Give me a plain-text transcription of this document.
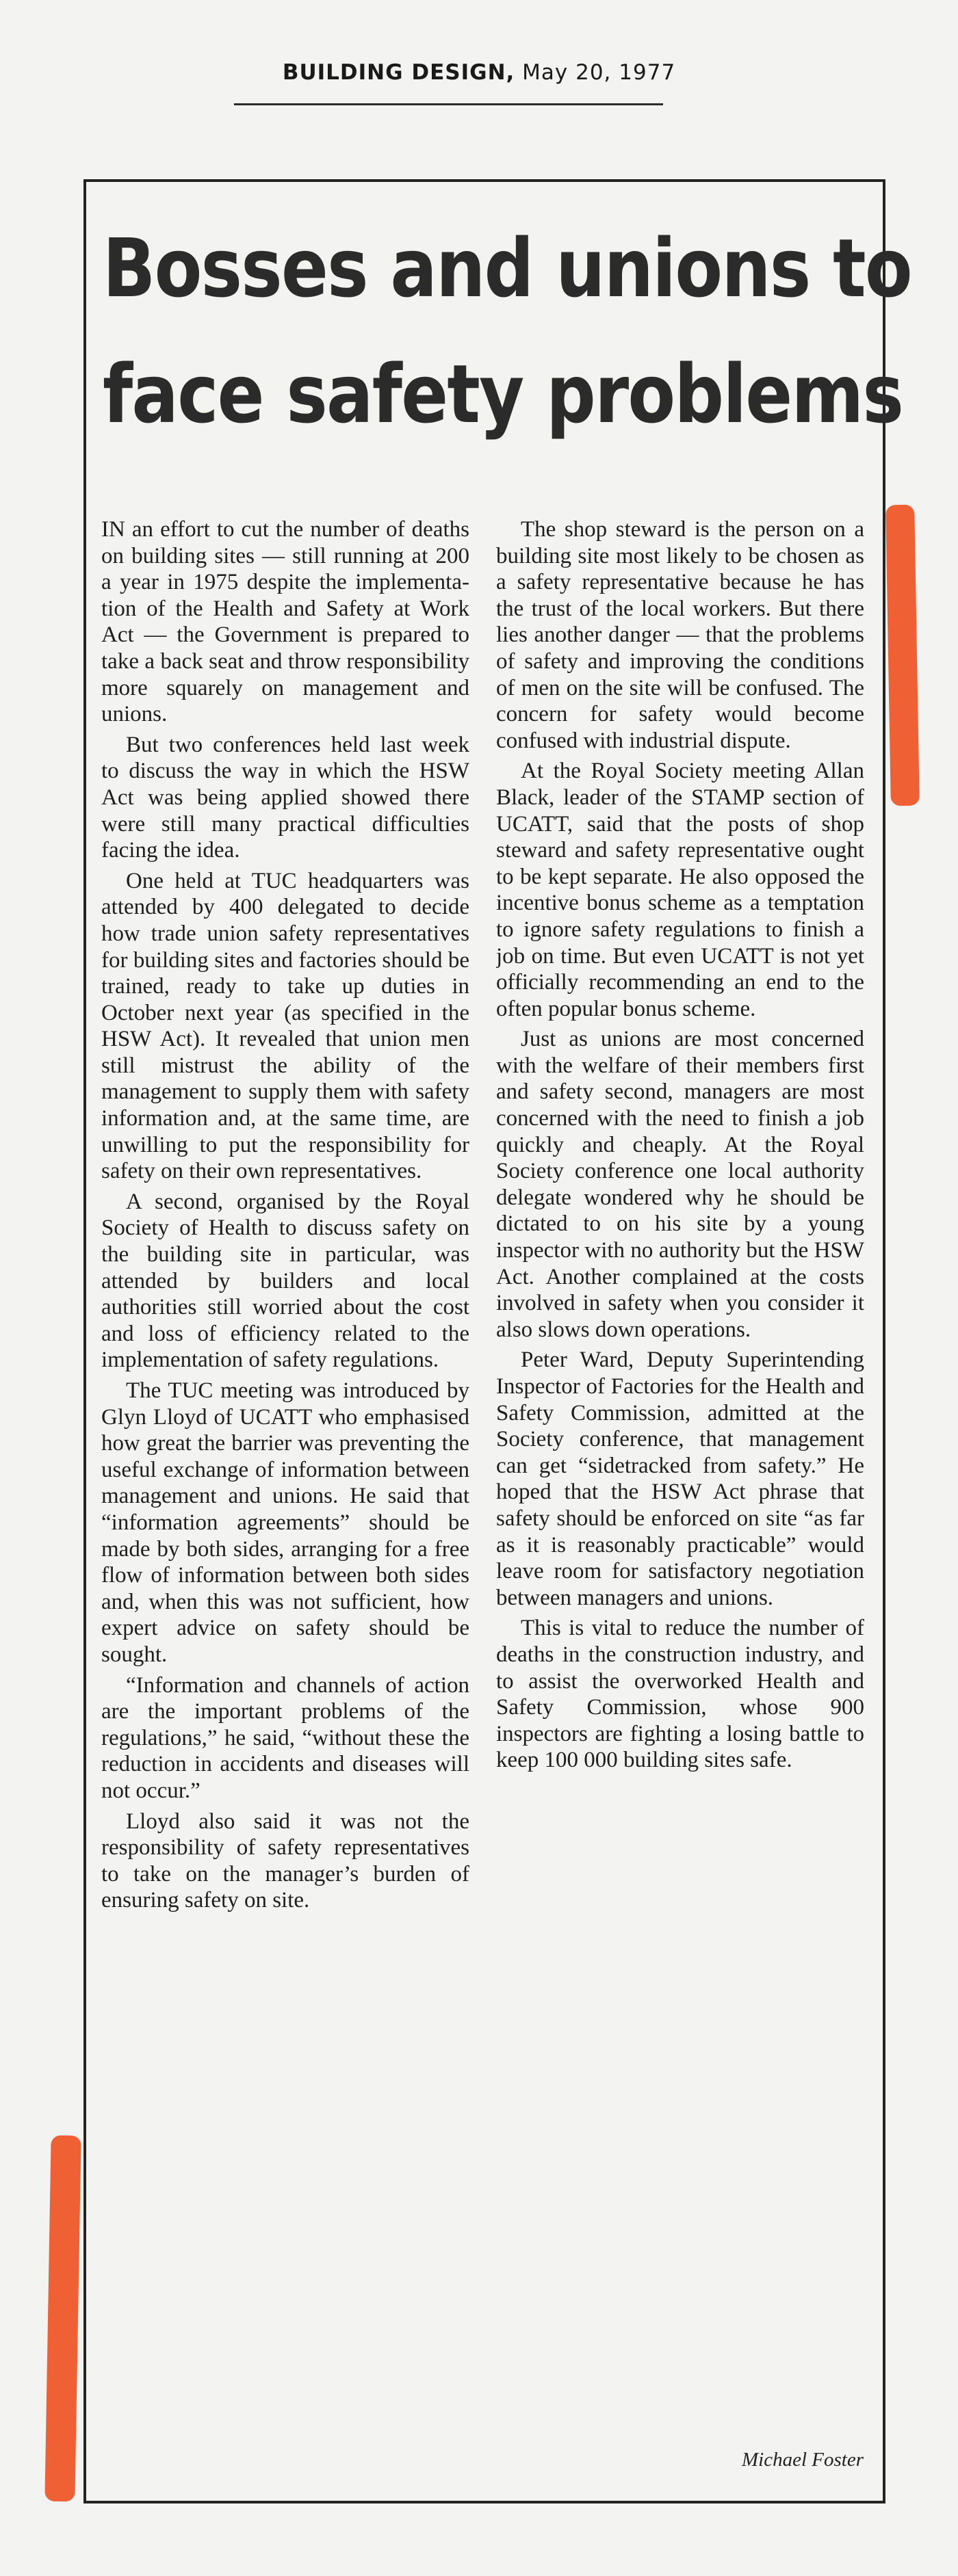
BUILDING DESIGN, May 20, 1977
Bosses and unions to
face safety problems

IN an effort to cut the number of deaths on building sites — still running at 200 a year in 1975 despite the implementation of the Health and Safety at Work Act — the Government is prepared to take a back seat and throw responsibility more squarely on management and unions.

But two conferences held last week to discuss the way in which the HSW Act was being applied showed there were still many practical difficulties facing the idea.

One held at TUC headquarters was attended by 400 delegated to decide how trade union safety representatives for building sites and factories should be trained, ready to take up duties in October next year (as specified in the HSW Act). It revealed that union men still mistrust the ability of the management to supply them with safety information and, at the same time, are unwilling to put the responsibility for safety on their own representatives.

A second, organised by the Royal Society of Health to discuss safety on the building site in particular, was attended by builders and local authorities still worried about the cost and loss of efficiency related to the implementation of safety regulations.

The TUC meeting was introduced by Glyn Lloyd of UCATT who emphasised how great the barrier was preventing the useful exchange of information between management and unions. He said that “information agreements” should be made by both sides, arranging for a free flow of information between both sides and, when this was not sufficient, how expert advice on safety should be sought.

“Information and channels of action are the important problems of the regulations,” he said, “without these the reduction in accidents and diseases will not occur.”

Lloyd also said it was not the responsibility of safety representatives to take on the manager’s burden of ensuring safety on site.

The shop steward is the person on a building site most likely to be chosen as a safety representative because he has the trust of the local workers. But there lies another danger — that the problems of safety and improving the conditions of men on the site will be confused. The concern for safety would become confused with industrial dispute.

At the Royal Society meeting Allan Black, leader of the STAMP section of UCATT, said that the posts of shop steward and safety representative ought to be kept separate. He also opposed the incentive bonus scheme as a temptation to ignore safety regulations to finish a job on time. But even UCATT is not yet officially recommending an end to the often popular bonus scheme.

Just as unions are most concerned with the welfare of their members first and safety second, managers are most concerned with the need to finish a job quickly and cheaply. At the Royal Society conference one local authority delegate wondered why he should be dictated to on his site by a young inspector with no authority but the HSW Act. Another complained at the costs involved in safety when you consider it also slows down operations.

Peter Ward, Deputy Superintending Inspector of Factories for the Health and Safety Commission, admitted at the Society conference, that management can get “sidetracked from safety.” He hoped that the HSW Act phrase that safety should be enforced on site “as far as it is reasonably practicable” would leave room for satisfactory negotiation between managers and unions.

This is vital to reduce the number of deaths in the construction industry, and to assist the overworked Health and Safety Commission, whose 900 inspectors are fighting a losing battle to keep 100 000 building sites safe.

Michael Foster
